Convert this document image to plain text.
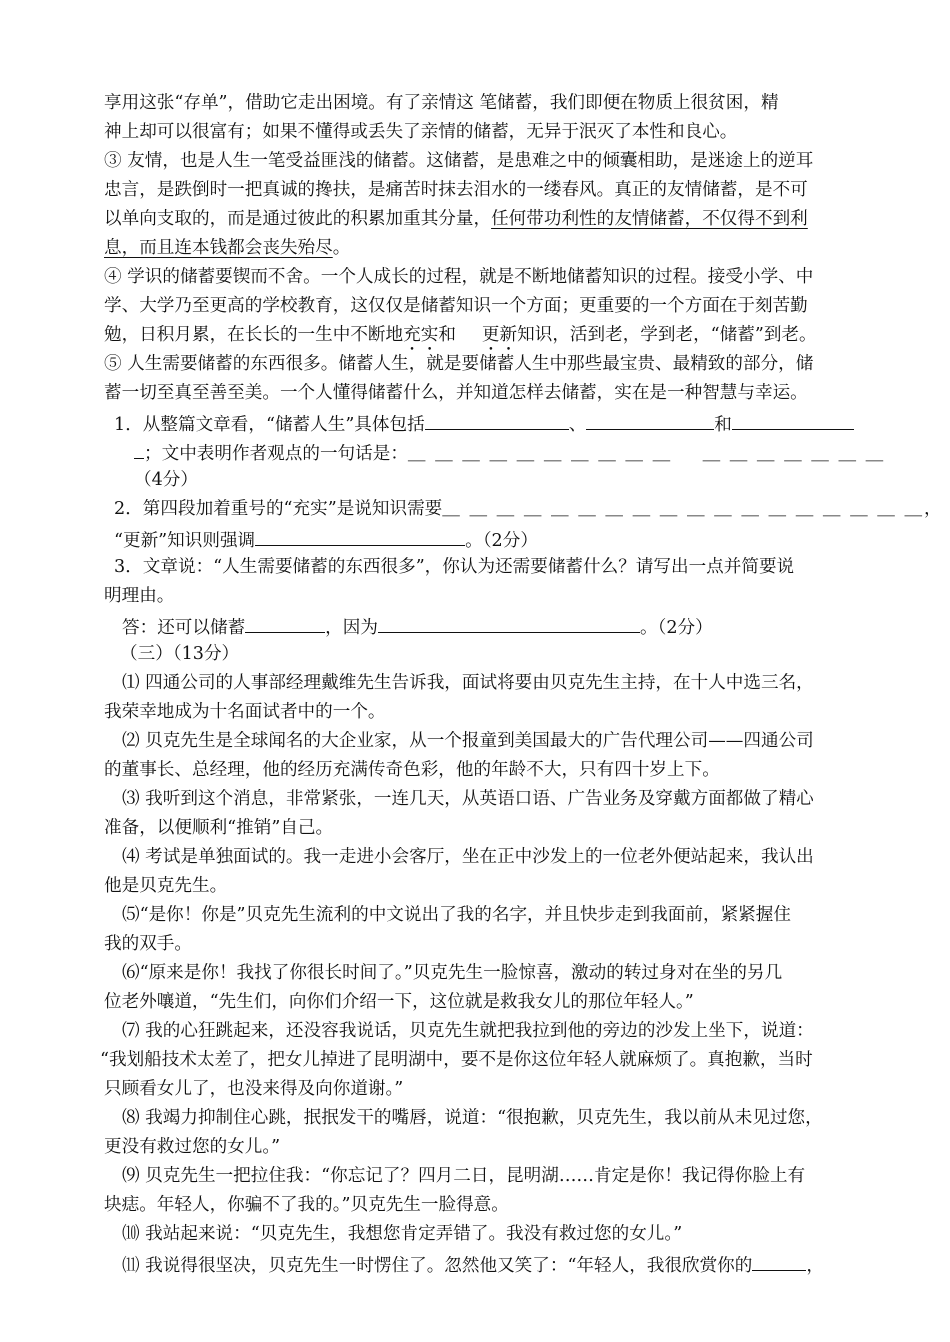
享用这张“存单”，借助它走出困境。有了亲情这 笔储蓄，我们即便在物质上很贫困，精
神上却可以很富有；如果不懂得或丢失了亲情的储蓄，无异于泯灭了本性和良心。
③ 友情，也是人生一笔受益匪浅的储蓄。这储蓄，是患难之中的倾囊相助，是迷途上的逆耳
忠言，是跌倒时一把真诚的搀扶，是痛苦时抹去泪水的一缕春风。真正的友情储蓄，是不可
以单向支取的，而是通过彼此的积累加重其分量，任何带功利性的友情储蓄，不仅得不到利
息，而且连本钱都会丧失殆尽。
④ 学识的储蓄要锲而不舍。一个人成长的过程，就是不断地储蓄知识的过程。接受小学、中
学、大学乃至更高的学校教育，这仅仅是储蓄知识一个方面；更重要的一个方面在于刻苦勤
勉，日积月累，在长长的一生中不断地充实和 更新知识，活到老，学到老，“储蓄”到老。
⑤ 人生需要储蓄的东西很多。储蓄人生，就是要储蓄人生中那些最宝贵、最精致的部分，储
蓄一切至真至善至美。一个人懂得储蓄什么，并知道怎样去储蓄，实在是一种智慧与幸运。
1．从整篇文章看，“储蓄人生”具体包括	、	和
；文中表明作者观点的一句话是：＿ ＿ ＿ ＿ ＿ ＿ ＿ ＿ ＿ ＿    ＿ ＿ ＿ ＿ ＿ ＿ ＿
（4分）
2．第四段加着重号的“充实”是说知识需要＿ ＿ ＿ ＿ ＿ ＿ ＿ ＿ ＿ ＿ ＿ ＿ ＿ ＿ ＿ ＿ ＿ ＿，
“更新”知识则强调	。（2分）
3．文章说：“人生需要储蓄的东西很多”，你认为还需要储蓄什么？请写出一点并简要说
明理由。
答：还可以储蓄	，因为	。（2分）
（三）（13分）
⑴ 四通公司的人事部经理戴维先生告诉我，面试将要由贝克先生主持，在十人中选三名，
我荣幸地成为十名面试者中的一个。
⑵ 贝克先生是全球闻名的大企业家，从一个报童到美国最大的广告代理公司——四通公司
的董事长、总经理，他的经历充满传奇色彩，他的年龄不大，只有四十岁上下。
⑶ 我听到这个消息，非常紧张，一连几天，从英语口语、广告业务及穿戴方面都做了精心
准备，以便顺利“推销”自己。
⑷ 考试是单独面试的。我一走进小会客厅，坐在正中沙发上的一位老外便站起来，我认出
他是贝克先生。
⑸“是你！你是”贝克先生流利的中文说出了我的名字，并且快步走到我面前，紧紧握住
我的双手。
⑹“原来是你！我找了你很长时间了。”贝克先生一脸惊喜，激动的转过身对在坐的另几
位老外嚷道，“先生们，向你们介绍一下，这位就是救我女儿的那位年轻人。”
⑺ 我的心狂跳起来，还没容我说话，贝克先生就把我拉到他的旁边的沙发上坐下，说道：
“我划船技术太差了，把女儿掉进了昆明湖中，要不是你这位年轻人就麻烦了。真抱歉，当时
只顾看女儿了，也没来得及向你道谢。”
⑻ 我竭力抑制住心跳，抿抿发干的嘴唇，说道：“很抱歉，贝克先生，我以前从未见过您，
更没有救过您的女儿。”
⑼ 贝克先生一把拉住我：“你忘记了？四月二日，昆明湖……肯定是你！我记得你脸上有
块痣。年轻人，你骗不了我的。”贝克先生一脸得意。
⑽ 我站起来说：“贝克先生，我想您肯定弄错了。我没有救过您的女儿。”
⑾ 我说得很坚决，贝克先生一时愣住了。忽然他又笑了：“年轻人，我很欣赏你的	，
